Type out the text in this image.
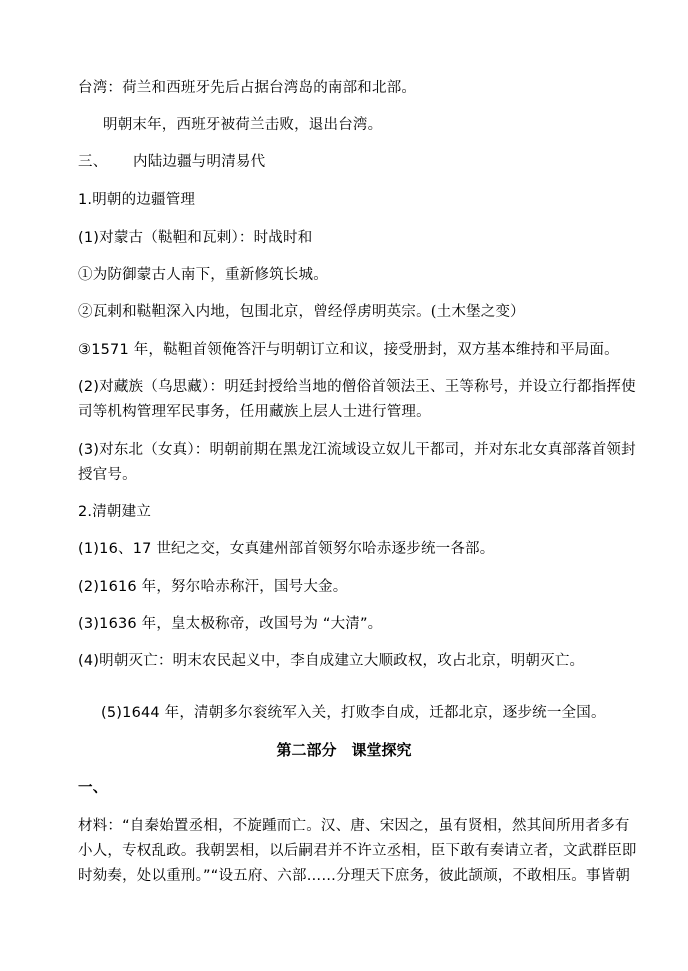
台湾：荷兰和西班牙先后占据台湾岛的南部和北部。
明朝末年，西班牙被荷兰击败，退出台湾。
三、 内陆边疆与明清易代
1.明朝的边疆管理
(1)对蒙古（鞑靼和瓦剌）：时战时和
①为防御蒙古人南下，重新修筑长城。
②瓦剌和鞑靼深入内地，包围北京，曾经俘虏明英宗。(土木堡之变）
③1571 年，鞑靼首领俺答汗与明朝订立和议，接受册封，双方基本维持和平局面。
(2)对藏族（乌思藏）：明廷封授给当地的僧俗首领法王、王等称号，并设立行都指挥使
司等机构管理军民事务，任用藏族上层人士进行管理。
(3)对东北（女真）：明朝前期在黑龙江流域设立奴儿干都司，并对东北女真部落首领封
授官号。
2.清朝建立
(1)16、17 世纪之交，女真建州部首领努尔哈赤逐步统一各部。
(2)1616 年，努尔哈赤称汗，国号大金。
(3)1636 年，皇太极称帝，改国号为 “大清”。
(4)明朝灭亡：明末农民起义中，李自成建立大顺政权，攻占北京，明朝灭亡。
(5)1644 年，清朝多尔衮统军入关，打败李自成，迁都北京，逐步统一全国。
第二部分　课堂探究
一、
材料：“自秦始置丞相，不旋踵而亡。汉、唐、宋因之，虽有贤相，然其间所用者多有
小人，专权乱政。我朝罢相，以后嗣君并不许立丞相，臣下敢有奏请立者，文武群臣即
时劾奏，处以重刑。”“设五府、六部……分理天下庶务，彼此颉颃，不敢相压。事皆朝
